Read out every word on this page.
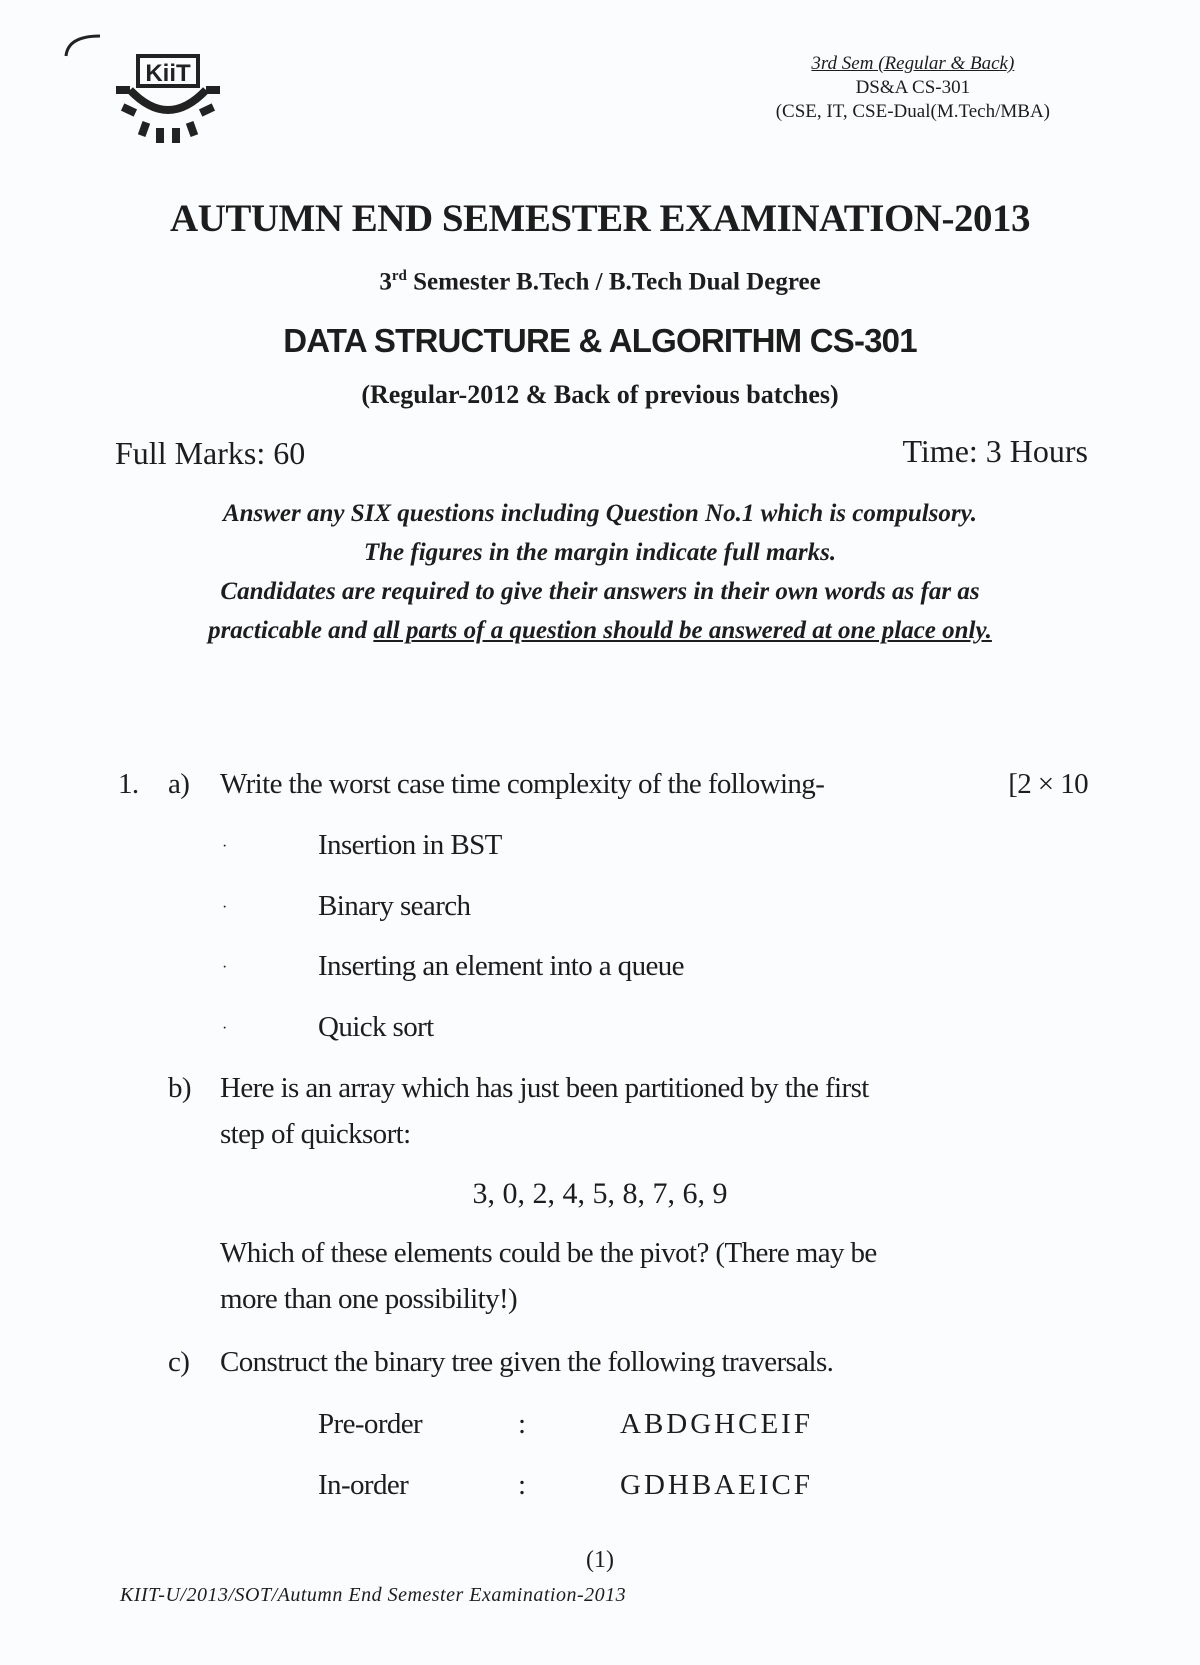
KiiT	3rd Sem (Regular & Back)
DS&A CS-301
(CSE, IT, CSE-Dual(M.Tech/MBA)
AUTUMN END SEMESTER EXAMINATION-2013
3rd Semester B.Tech / B.Tech Dual Degree
DATA STRUCTURE & ALGORITHM CS-301
(Regular-2012 & Back of previous batches)
Full Marks: 60	Time: 3 Hours
Answer any SIX questions including Question No.1 which is compulsory.
The figures in the margin indicate full marks.
Candidates are required to give their answers in their own words as far as
practicable and all parts of a question should be answered at one place only.
1. a) Write the worst case time complexity of the following-	[2 × 10
·	Insertion in BST
·	Binary search
·	Inserting an element into a queue
·	Quick sort
b) Here is an array which has just been partitioned by the first
step of quicksort:
3, 0, 2, 4, 5, 8, 7, 6, 9
Which of these elements could be the pivot? (There may be
more than one possibility!)
c) Construct the binary tree given the following traversals.
Pre-order	:	ABDGHCEIF
In-order	:	GDHBAEICF
(1)
KIIT-U/2013/SOT/Autumn End Semester Examination-2013
